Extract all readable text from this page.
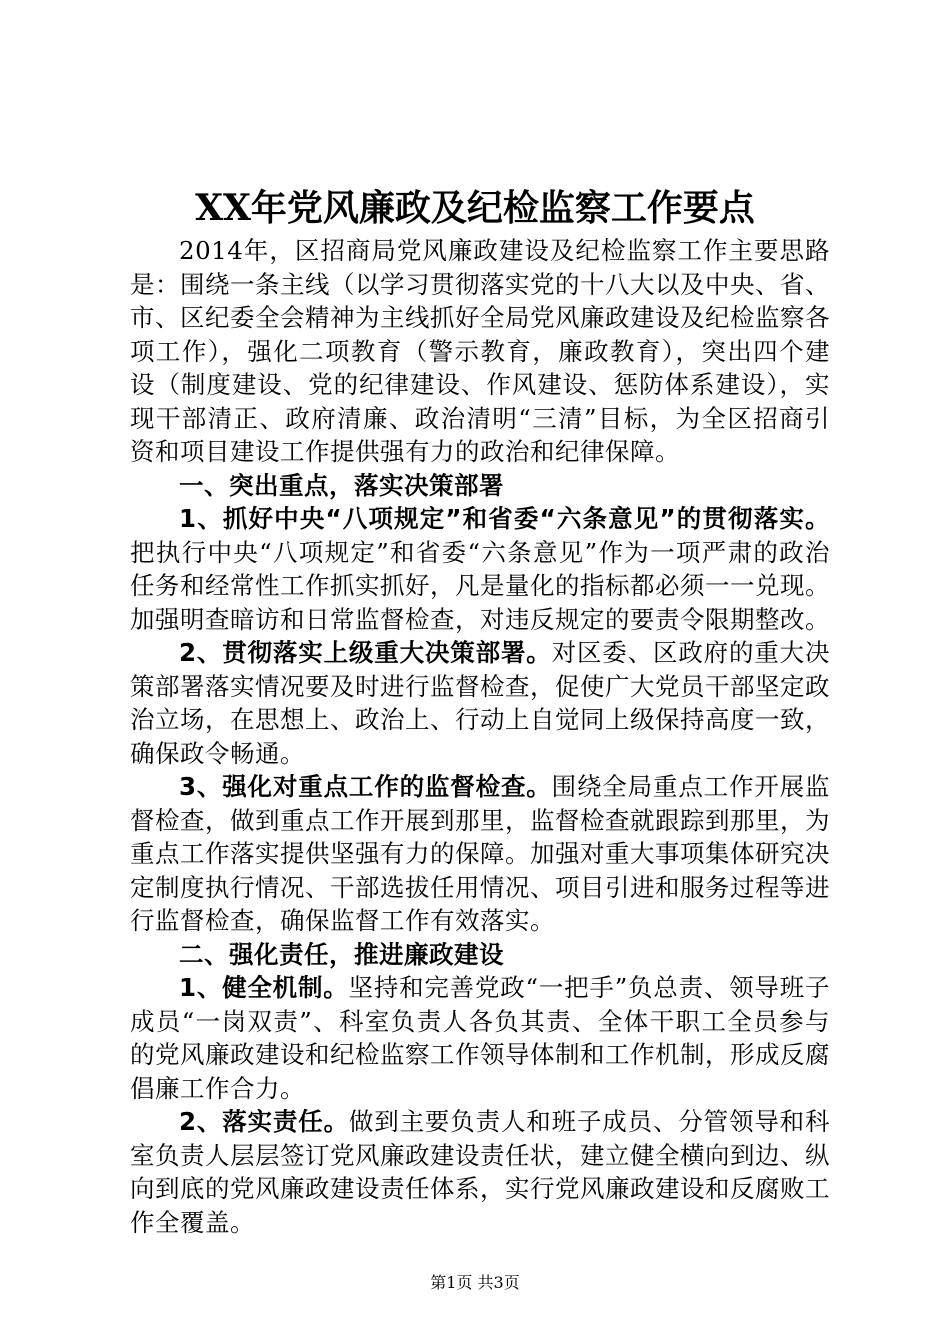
XX年党风廉政及纪检监察工作要点

2014年，区招商局党风廉政建设及纪检监察工作主要思路是：围绕一条主线（以学习贯彻落实党的十八大以及中央、省、市、区纪委全会精神为主线抓好全局党风廉政建设及纪检监察各项工作），强化二项教育（警示教育，廉政教育），突出四个建设（制度建设、党的纪律建设、作风建设、惩防体系建设），实现干部清正、政府清廉、政治清明“三清”目标，为全区招商引资和项目建设工作提供强有力的政治和纪律保障。

一、突出重点，落实决策部署

1、抓好中央“八项规定”和省委“六条意见”的贯彻落实。把执行中央“八项规定”和省委“六条意见”作为一项严肃的政治任务和经常性工作抓实抓好，凡是量化的指标都必须一一兑现。加强明查暗访和日常监督检查，对违反规定的要责令限期整改。

2、贯彻落实上级重大决策部署。对区委、区政府的重大决策部署落实情况要及时进行监督检查，促使广大党员干部坚定政治立场，在思想上、政治上、行动上自觉同上级保持高度一致，确保政令畅通。

3、强化对重点工作的监督检查。围绕全局重点工作开展监督检查，做到重点工作开展到那里，监督检查就跟踪到那里，为重点工作落实提供坚强有力的保障。加强对重大事项集体研究决定制度执行情况、干部选拔任用情况、项目引进和服务过程等进行监督检查，确保监督工作有效落实。

二、强化责任，推进廉政建设

1、健全机制。坚持和完善党政“一把手”负总责、领导班子成员“一岗双责”、科室负责人各负其责、全体干职工全员参与的党风廉政建设和纪检监察工作领导体制和工作机制，形成反腐倡廉工作合力。

2、落实责任。做到主要负责人和班子成员、分管领导和科室负责人层层签订党风廉政建设责任状，建立健全横向到边、纵向到底的党风廉政建设责任体系，实行党风廉政建设和反腐败工作全覆盖。

第1页 共3页
